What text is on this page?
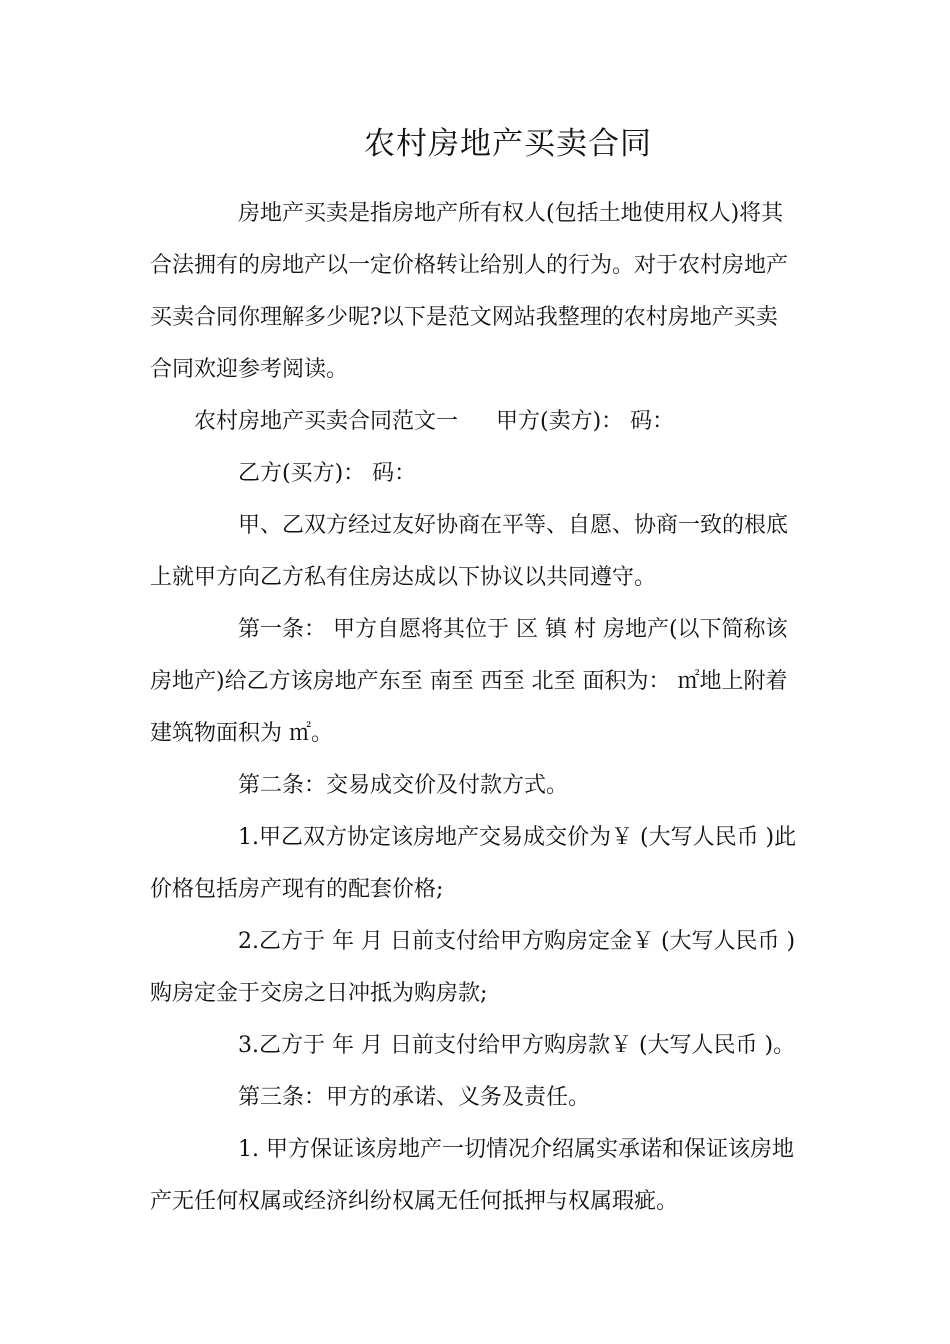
农村房地产买卖合同

房地产买卖是指房地产所有权人(包括土地使用权人)将其
合法拥有的房地产以一定价格转让给别人的行为。对于农村房地产
买卖合同你理解多少呢?以下是范文网站我整理的农村房地产买卖
合同欢迎参考阅读。

农村房地产买卖合同范文一 甲方(卖方)： 码：

乙方(买方)： 码：

甲、乙双方经过友好协商在平等、自愿、协商一致的根底
上就甲方向乙方私有住房达成以下协议以共同遵守。

第一条： 甲方自愿将其位于 区 镇 村 房地产(以下简称该
房地产)给乙方该房地产东至 南至 西至 北至 面积为： ㎡地上附着
建筑物面积为 ㎡。

第二条：交易成交价及付款方式。

1.甲乙双方协定该房地产交易成交价为￥ (大写人民币 )此
价格包括房产现有的配套价格;

2.乙方于 年 月 日前支付给甲方购房定金￥ (大写人民币 )
购房定金于交房之日冲抵为购房款;

3.乙方于 年 月 日前支付给甲方购房款￥ (大写人民币 )。

第三条：甲方的承诺、义务及责任。

1. 甲方保证该房地产一切情况介绍属实承诺和保证该房地
产无任何权属或经济纠纷权属无任何抵押与权属瑕疵。
